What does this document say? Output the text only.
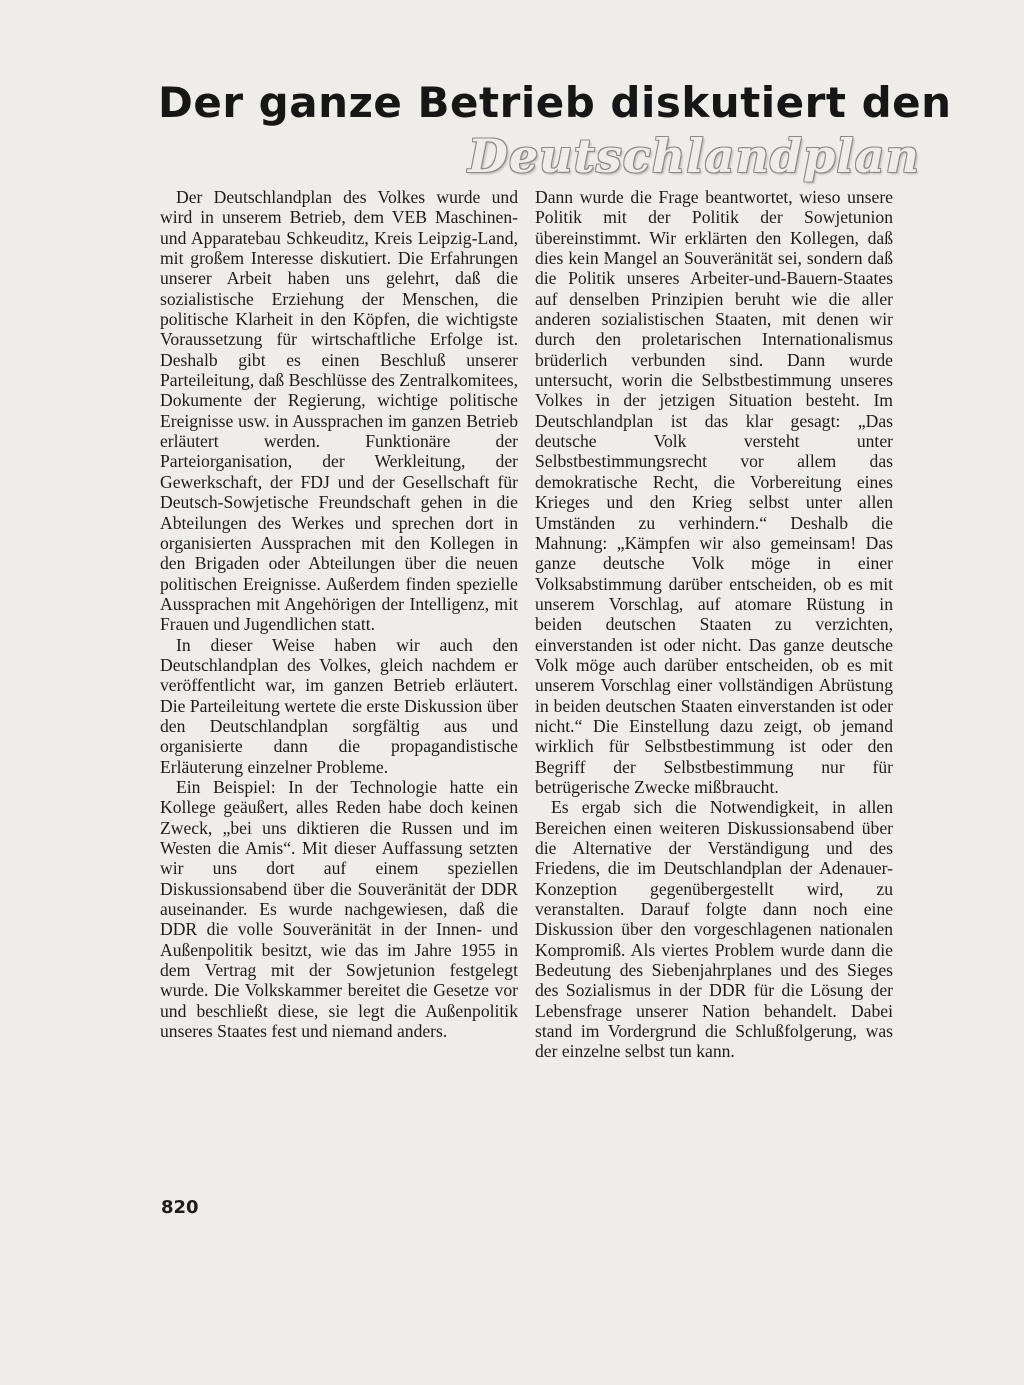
Der ganze Betrieb diskutiert den
Deutschlandplan

Der Deutschlandplan des Volkes wurde und wird in unserem Betrieb, dem VEB Maschinen- und Apparatebau Schkeuditz, Kreis Leipzig-Land, mit großem Interesse diskutiert. Die Erfahrungen unserer Arbeit haben uns gelehrt, daß die sozialistische Erziehung der Menschen, die politische Klarheit in den Köpfen, die wichtigste Voraussetzung für wirtschaftliche Erfolge ist. Deshalb gibt es einen Beschluß unserer Parteileitung, daß Beschlüsse des Zentralkomitees, Dokumente der Regierung, wichtige politische Ereignisse usw. in Aussprachen im ganzen Betrieb erläutert werden. Funktionäre der Parteiorganisation, der Werkleitung, der Gewerkschaft, der FDJ und der Gesellschaft für Deutsch-Sowjetische Freundschaft gehen in die Abteilungen des Werkes und sprechen dort in organisierten Aussprachen mit den Kollegen in den Brigaden oder Abteilungen über die neuen politischen Ereignisse. Außerdem finden spezielle Aussprachen mit Angehörigen der Intelligenz, mit Frauen und Jugendlichen statt.

In dieser Weise haben wir auch den Deutschlandplan des Volkes, gleich nachdem er veröffentlicht war, im ganzen Betrieb erläutert. Die Parteileitung wertete die erste Diskussion über den Deutschlandplan sorgfältig aus und organisierte dann die propagandistische Erläuterung einzelner Probleme.

Ein Beispiel: In der Technologie hatte ein Kollege geäußert, alles Reden habe doch keinen Zweck, „bei uns diktieren die Russen und im Westen die Amis“. Mit dieser Auffassung setzten wir uns dort auf einem speziellen Diskussionsabend über die Souveränität der DDR auseinander. Es wurde nachgewiesen, daß die DDR die volle Souveränität in der Innen- und Außenpolitik besitzt, wie das im Jahre 1955 in dem Vertrag mit der Sowjetunion festgelegt wurde. Die Volkskammer bereitet die Gesetze vor und beschließt diese, sie legt die Außenpolitik unseres Staates fest und niemand anders.

Dann wurde die Frage beantwortet, wieso unsere Politik mit der Politik der Sowjetunion übereinstimmt. Wir erklärten den Kollegen, daß dies kein Mangel an Souveränität sei, sondern daß die Politik unseres Arbeiter-und-Bauern-Staates auf denselben Prinzipien beruht wie die aller anderen sozialistischen Staaten, mit denen wir durch den proletarischen Internationalismus brüderlich verbunden sind. Dann wurde untersucht, worin die Selbstbestimmung unseres Volkes in der jetzigen Situation besteht. Im Deutschlandplan ist das klar gesagt: „Das deutsche Volk versteht unter Selbstbestimmungsrecht vor allem das demokratische Recht, die Vorbereitung eines Krieges und den Krieg selbst unter allen Umständen zu verhindern.“ Deshalb die Mahnung: „Kämpfen wir also gemeinsam! Das ganze deutsche Volk möge in einer Volksabstimmung darüber entscheiden, ob es mit unserem Vorschlag, auf atomare Rüstung in beiden deutschen Staaten zu verzichten, einverstanden ist oder nicht. Das ganze deutsche Volk möge auch darüber entscheiden, ob es mit unserem Vorschlag einer vollständigen Abrüstung in beiden deutschen Staaten einverstanden ist oder nicht.“ Die Einstellung dazu zeigt, ob jemand wirklich für Selbstbestimmung ist oder den Begriff der Selbstbestimmung nur für betrügerische Zwecke mißbraucht.

Es ergab sich die Notwendigkeit, in allen Bereichen einen weiteren Diskussionsabend über die Alternative der Verständigung und des Friedens, die im Deutschlandplan der Adenauer-Konzeption gegenübergestellt wird, zu veranstalten. Darauf folgte dann noch eine Diskussion über den vorgeschlagenen nationalen Kompromiß. Als viertes Problem wurde dann die Bedeutung des Siebenjahrplanes und des Sieges des Sozialismus in der DDR für die Lösung der Lebensfrage unserer Nation behandelt. Dabei stand im Vordergrund die Schlußfolgerung, was der einzelne selbst tun kann.

820
